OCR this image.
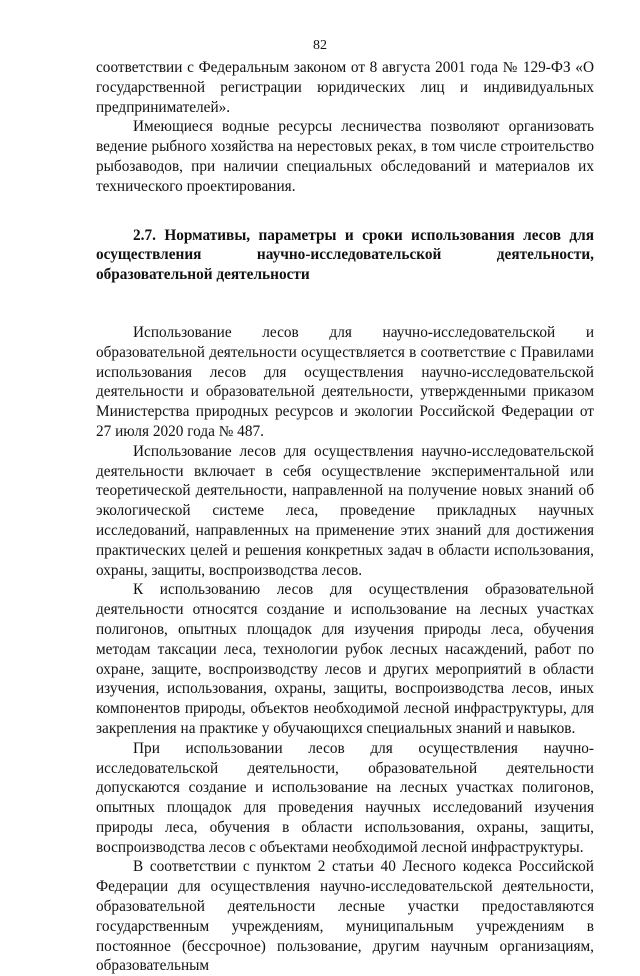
82

соответствии с Федеральным законом от 8 августа 2001 года № 129-ФЗ «О государственной регистрации юридических лиц и индивидуальных предпринимателей».

Имеющиеся водные ресурсы лесничества позволяют организовать ведение рыбного хозяйства на нерестовых реках, в том числе строительство рыбозаводов, при наличии специальных обследований и материалов их технического проектирования.

2.7. Нормативы, параметры и сроки использования лесов для осуществления научно-исследовательской деятельности, образовательной деятельности

Использование лесов для научно-исследовательской и образовательной деятельности осуществляется в соответствие с Правилами использования лесов для осуществления научно-исследовательской деятельности и образовательной деятельности, утвержденными приказом Министерства природных ресурсов и экологии Российской Федерации от 27 июля 2020 года № 487.

Использование лесов для осуществления научно-исследовательской деятельности включает в себя осуществление экспериментальной или теоретической деятельности, направленной на получение новых знаний об экологической системе леса, проведение прикладных научных исследований, направленных на применение этих знаний для достижения практических целей и решения конкретных задач в области использования, охраны, защиты, воспроизводства лесов.

К использованию лесов для осуществления образовательной деятельности относятся создание и использование на лесных участках полигонов, опытных площадок для изучения природы леса, обучения методам таксации леса, технологии рубок лесных насаждений, работ по охране, защите, воспроизводству лесов и других мероприятий в области изучения, использования, охраны, защиты, воспроизводства лесов, иных компонентов природы, объектов необходимой лесной инфраструктуры, для закрепления на практике у обучающихся специальных знаний и навыков.

При использовании лесов для осуществления научно-исследовательской деятельности, образовательной деятельности допускаются создание и использование на лесных участках полигонов, опытных площадок для проведения научных исследований изучения природы леса, обучения в области использования, охраны, защиты, воспроизводства лесов с объектами необходимой лесной инфраструктуры.

В соответствии с пунктом 2 статьи 40 Лесного кодекса Российской Федерации для осуществления научно-исследовательской деятельности, образовательной деятельности лесные участки предоставляются государственным учреждениям, муниципальным учреждениям в постоянное (бессрочное) пользование, другим научным организациям, образовательным
